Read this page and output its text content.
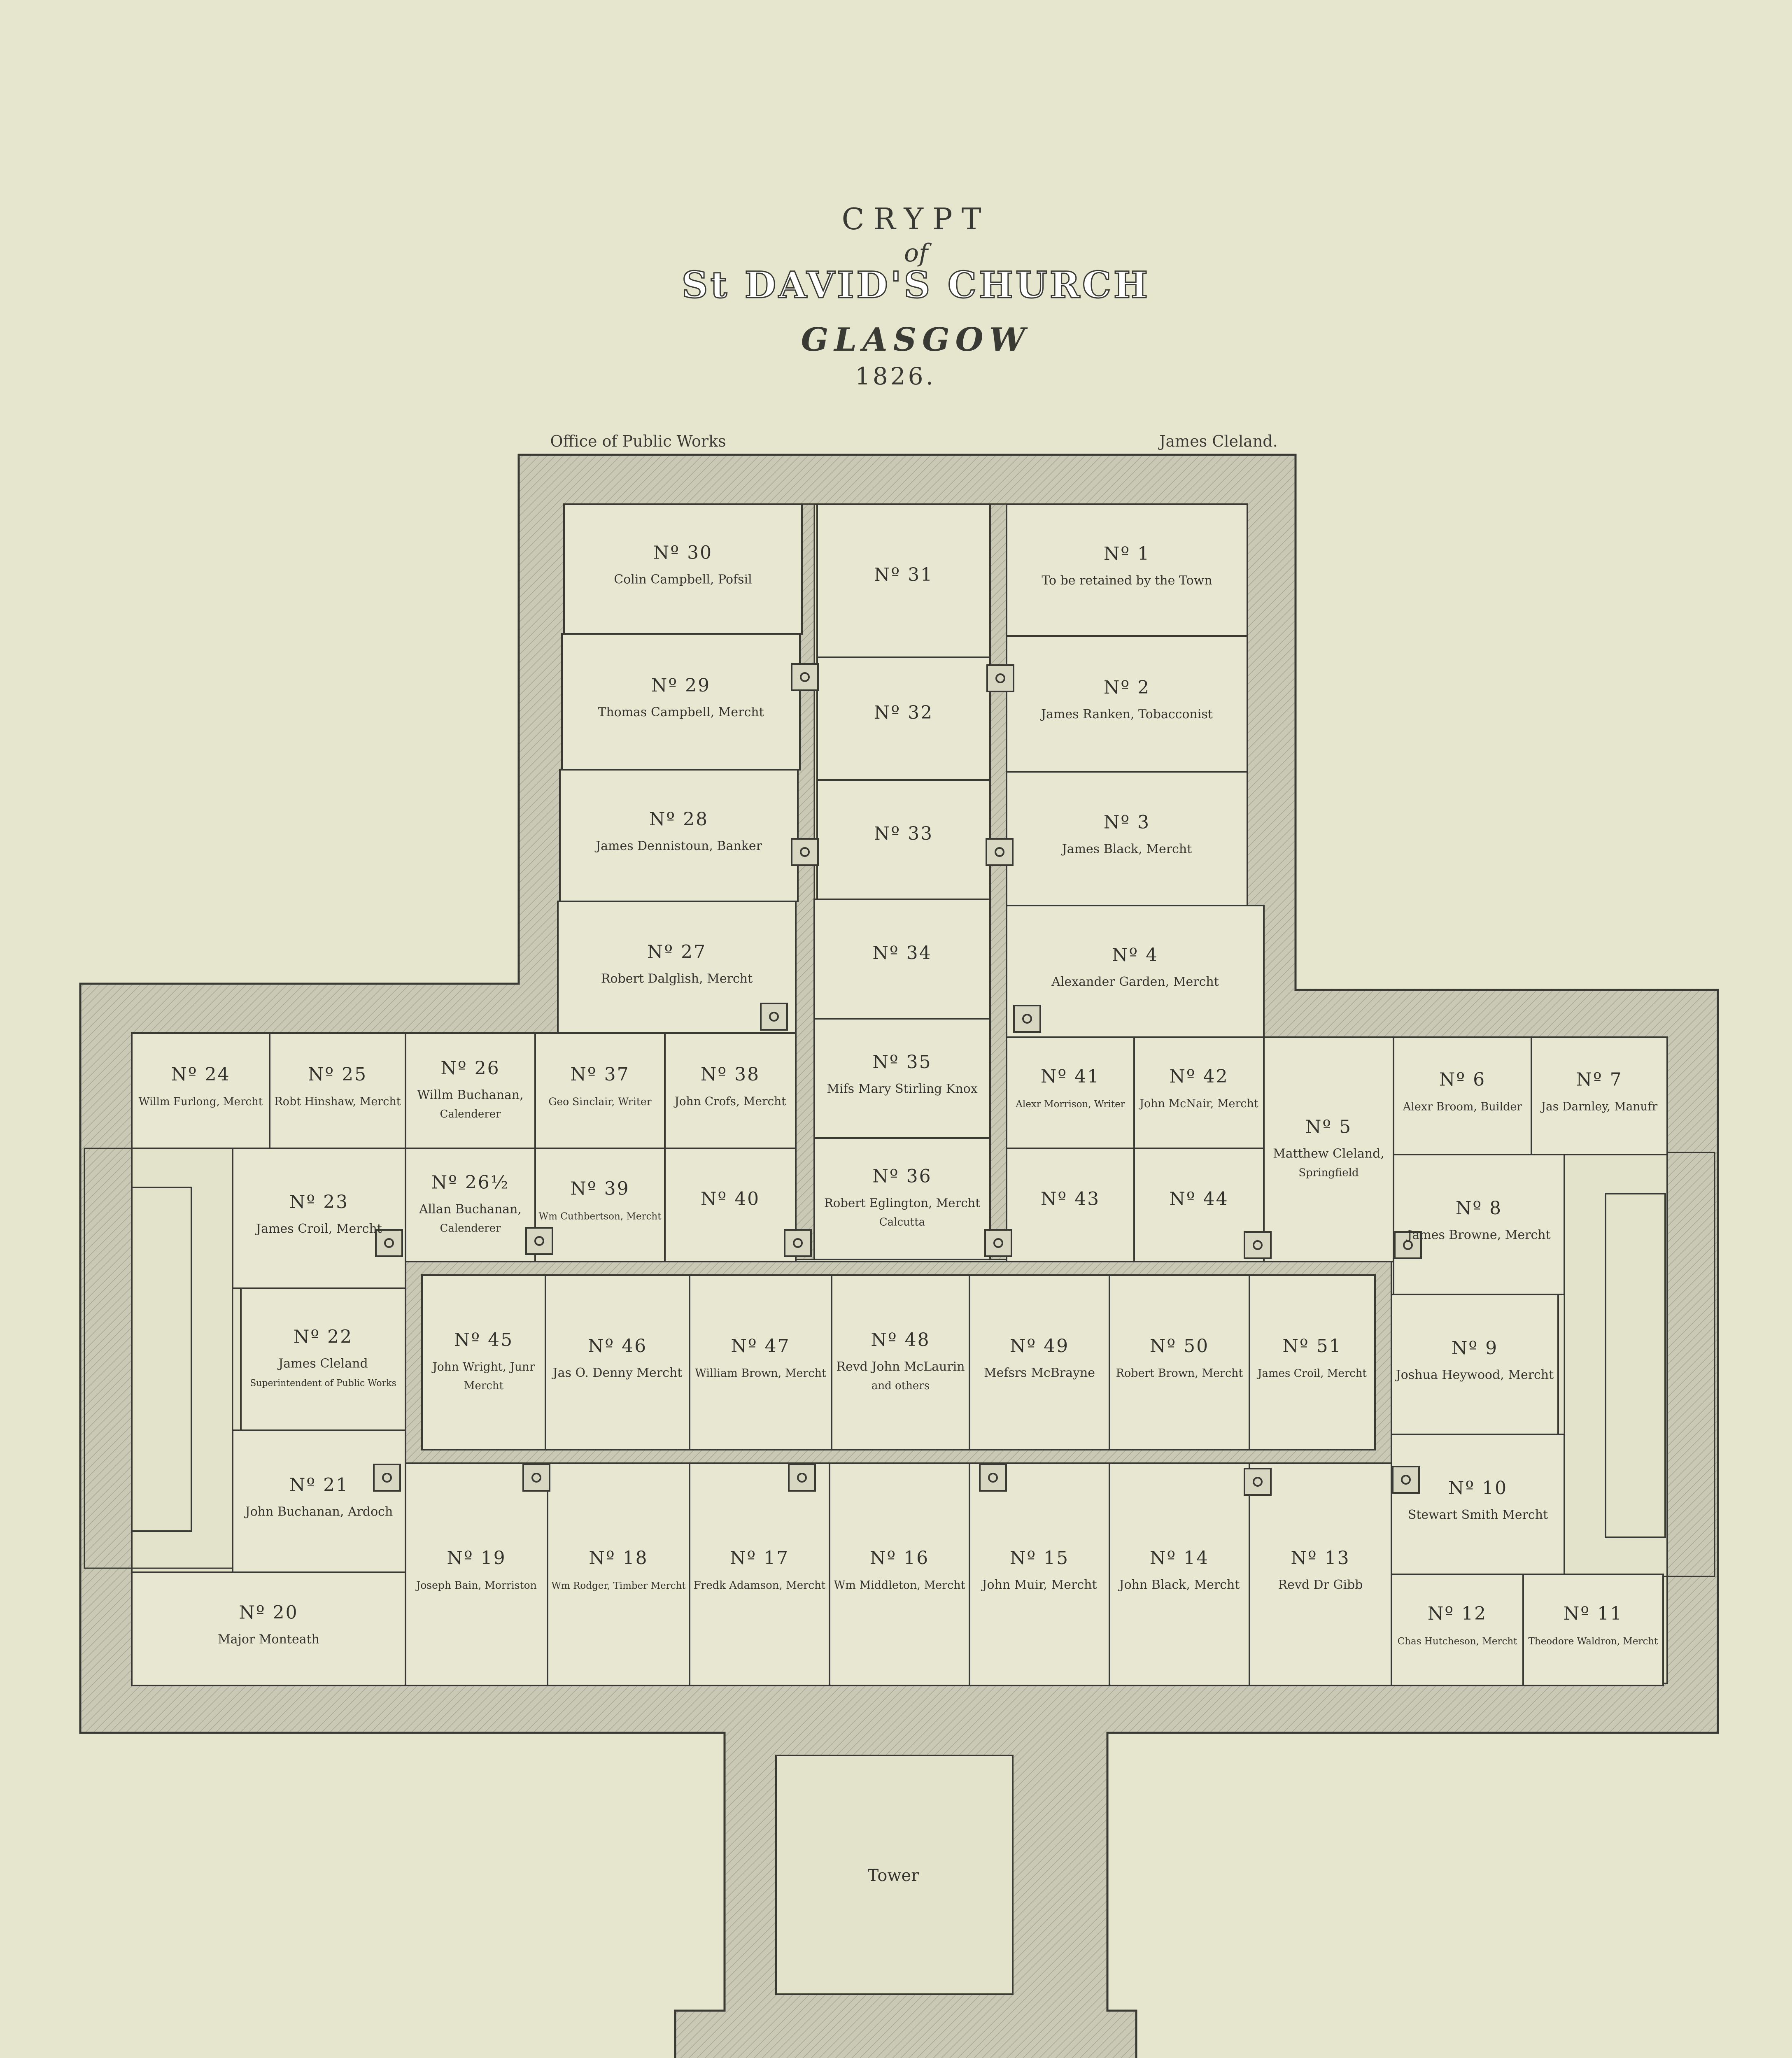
CRYPT
of
St DAVID'S CHURCH
GLASGOW
1826.
Office of Public Works	James Cleland.
Nº 30
Colin Campbell, Pofsil	Nº 31
Nº 1
To be retained by the Town
Nº 29
Thomas Campbell, Mercht	Nº 32
Nº 2
James Ranken, Tobacconist
Nº 28
James Dennistoun, Banker
Nº 33
Nº 3
James Black, Mercht
Nº 27
Robert Dalglish, Mercht
Nº 34	Nº 4
Alexander Garden, Mercht
Nº 35
Mifs Mary Stirling Knox
Nº 24
Willm Furlong, Mercht
Nº 25
Robt Hinshaw, Mercht
Nº 26
Willm Buchanan,
Calenderer
Nº 37
Geo Sinclair, Writer
Nº 38
John Crofs, Mercht
Nº 41
Alexr Morrison, Writer
Nº 42
John McNair, Mercht
Nº 5
Matthew Cleland,
Springfield
Nº 6
Alexr Broom, Builder
Nº 7
Jas Darnley, Manufr
Nº 23
James Croil, Mercht
Nº 26½
Allan Buchanan,
Calenderer
Nº 39
Wm Cuthbertson, Mercht
Nº 40
Nº 36
Robert Eglington, Mercht
Calcutta
Nº 43	Nº 44	Nº 8
James Browne, Mercht
Nº 22
James Cleland
Superintendent of Public Works
Nº 45
John Wright, Junr
Mercht
Nº 46
Jas O. Denny Mercht
Nº 47
William Brown, Mercht
Nº 48
Revd John McLaurin
and others
Nº 49
Mefsrs McBrayne
Nº 50
Robert Brown, Mercht
Nº 51
James Croil, Mercht
Nº 9
Joshua Heywood, Mercht
Nº 21
John Buchanan, Ardoch
Nº 10
Stewart Smith Mercht
Nº 19
Joseph Bain, Morriston
Nº 18
Wm Rodger, Timber Mercht
Nº 17
Fredk Adamson, Mercht
Nº 16
Wm Middleton, Mercht
Nº 15
John Muir, Mercht
Nº 14
John Black, Mercht
Nº 13
Revd Dr Gibb
Nº 20
Major Monteath
Nº 12
Chas Hutcheson, Mercht
Nº 11
Theodore Waldron, Mercht
Tower
